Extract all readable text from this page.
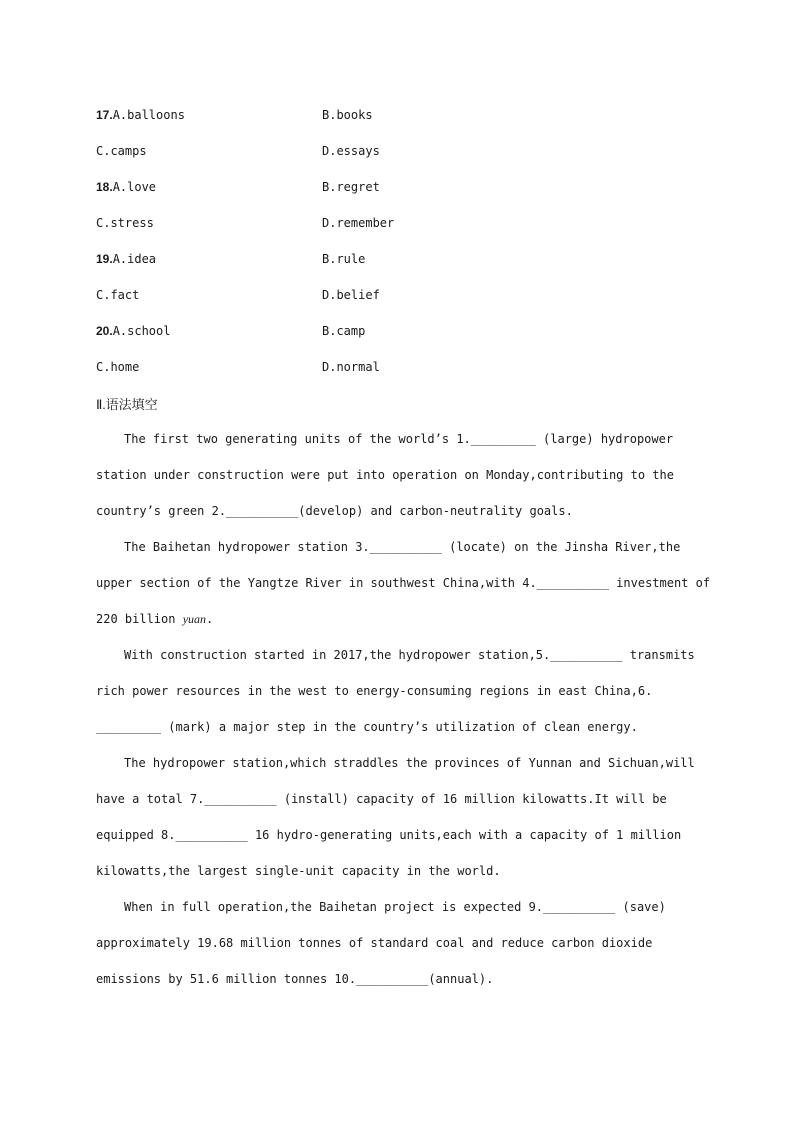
17.A.balloons	B.books
C.camps	D.essays
18.A.love	B.regret
C.stress	D.remember
19.A.idea	B.rule
C.fact	D.belief
20.A.school	B.camp
C.home	D.normal
Ⅱ.语法填空
The first two generating units of the world’s 1._________ (large) hydropower
station under construction were put into operation on Monday,contributing to the
country’s green 2.__________(develop) and carbon-neutrality goals.
The Baihetan hydropower station 3.__________ (locate) on the Jinsha River,the
upper section of the Yangtze River in southwest China,with 4.__________ investment of
220 billion yuan.
With construction started in 2017,the hydropower station,5.__________ transmits
rich power resources in the west to energy-consuming regions in east China,6.
_________ (mark) a major step in the country’s utilization of clean energy.
The hydropower station,which straddles the provinces of Yunnan and Sichuan,will
have a total 7.__________ (install) capacity of 16 million kilowatts.It will be
equipped 8.__________ 16 hydro-generating units,each with a capacity of 1 million
kilowatts,the largest single-unit capacity in the world.
When in full operation,the Baihetan project is expected 9.__________ (save)
approximately 19.68 million tonnes of standard coal and reduce carbon dioxide
emissions by 51.6 million tonnes 10.__________(annual).
